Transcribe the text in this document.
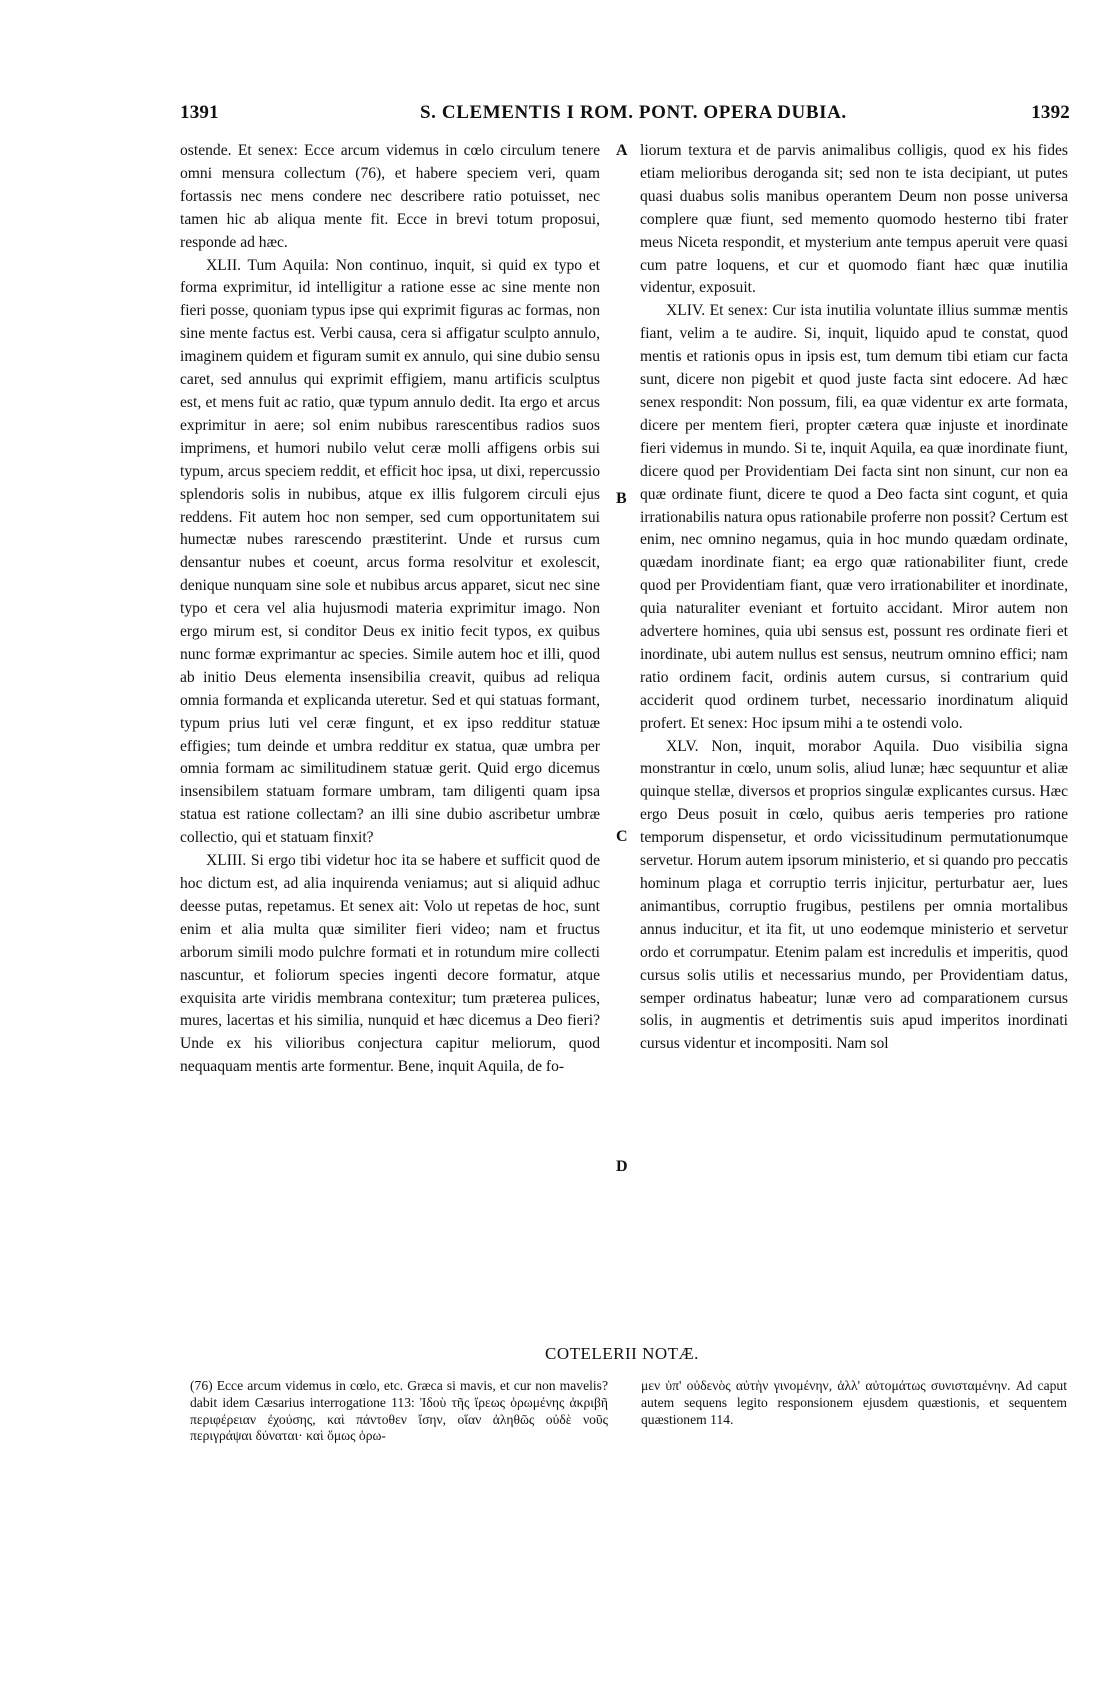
1391	S. CLEMENTIS I ROM. PONT. OPERA DUBIA.	1392

ostende. Et senex: Ecce arcum videmus in cœlo circulum tenere omni mensura collectum (76), et habere speciem veri, quam fortassis nec mens condere nec describere ratio potuisset, nec tamen hic ab aliqua mente fit. Ecce in brevi totum proposui, responde ad hæc.

XLII. Tum Aquila: Non continuo, inquit, si quid ex typo et forma exprimitur, id intelligitur a ratione esse ac sine mente non fieri posse, quoniam typus ipse qui exprimit figuras ac formas, non sine mente factus est. Verbi causa, cera si affigatur sculpto annulo, imaginem quidem et figuram sumit ex annulo, qui sine dubio sensu caret, sed annulus qui exprimit effigiem, manu artificis sculptus est, et mens fuit ac ratio, quæ typum annulo dedit. Ita ergo et arcus exprimitur in aere; sol enim nubibus rarescentibus radios suos imprimens, et humori nubilo velut ceræ molli affigens orbis sui typum, arcus speciem reddit, et efficit hoc ipsa, ut dixi, repercussio splendoris solis in nubibus, atque ex illis fulgorem circuli ejus reddens. Fit autem hoc non semper, sed cum opportunitatem sui humectæ nubes rarescendo præstiterint. Unde et rursus cum densantur nubes et coeunt, arcus forma resolvitur et exolescit, denique nunquam sine sole et nubibus arcus apparet, sicut nec sine typo et cera vel alia hujusmodi materia exprimitur imago. Non ergo mirum est, si conditor Deus ex initio fecit typos, ex quibus nunc formæ exprimantur ac species. Simile autem hoc et illi, quod ab initio Deus elementa insensibilia creavit, quibus ad reliqua omnia formanda et explicanda uteretur. Sed et qui statuas formant, typum prius luti vel ceræ fingunt, et ex ipso redditur statuæ effigies; tum deinde et umbra redditur ex statua, quæ umbra per omnia formam ac similitudinem statuæ gerit. Quid ergo dicemus insensibilem statuam formare umbram, tam diligenti quam ipsa statua est ratione collectam? an illi sine dubio ascribetur umbræ collectio, qui et statuam finxit?

XLIII. Si ergo tibi videtur hoc ita se habere et sufficit quod de hoc dictum est, ad alia inquirenda veniamus; aut si aliquid adhuc deesse putas, repetamus. Et senex ait: Volo ut repetas de hoc, sunt enim et alia multa quæ similiter fieri video; nam et fructus arborum simili modo pulchre formati et in rotundum mire collecti nascuntur, et foliorum species ingenti decore formatur, atque exquisita arte viridis membrana contexitur; tum præterea pulices, mures, lacertas et his similia, nunquid et hæc dicemus a Deo fieri? Unde ex his vilioribus conjectura capitur meliorum, quod nequaquam mentis arte formentur. Bene, inquit Aquila, de fo-

A
B
C
D

liorum textura et de parvis animalibus colligis, quod ex his fides etiam melioribus deroganda sit; sed non te ista decipiant, ut putes quasi duabus solis manibus operantem Deum non posse universa complere quæ fiunt, sed memento quomodo hesterno tibi frater meus Niceta respondit, et mysterium ante tempus aperuit vere quasi cum patre loquens, et cur et quomodo fiant hæc quæ inutilia videntur, exposuit.

XLIV. Et senex: Cur ista inutilia voluntate illius summæ mentis fiant, velim a te audire. Si, inquit, liquido apud te constat, quod mentis et rationis opus in ipsis est, tum demum tibi etiam cur facta sunt, dicere non pigebit et quod juste facta sint edocere. Ad hæc senex respondit: Non possum, fili, ea quæ videntur ex arte formata, dicere per mentem fieri, propter cætera quæ injuste et inordinate fieri videmus in mundo. Si te, inquit Aquila, ea quæ inordinate fiunt, dicere quod per Providentiam Dei facta sint non sinunt, cur non ea quæ ordinate fiunt, dicere te quod a Deo facta sint cogunt, et quia irrationabilis natura opus rationabile proferre non possit? Certum est enim, nec omnino negamus, quia in hoc mundo quædam ordinate, quædam inordinate fiant; ea ergo quæ rationabiliter fiunt, crede quod per Providentiam fiant, quæ vero irrationabiliter et inordinate, quia naturaliter eveniant et fortuito accidant. Miror autem non advertere homines, quia ubi sensus est, possunt res ordinate fieri et inordinate, ubi autem nullus est sensus, neutrum omnino effici; nam ratio ordinem facit, ordinis autem cursus, si contrarium quid acciderit quod ordinem turbet, necessario inordinatum aliquid profert. Et senex: Hoc ipsum mihi a te ostendi volo.

XLV. Non, inquit, morabor Aquila. Duo visibilia signa monstrantur in cœlo, unum solis, aliud lunæ; hæc sequuntur et aliæ quinque stellæ, diversos et proprios singulæ explicantes cursus. Hæc ergo Deus posuit in cœlo, quibus aeris temperies pro ratione temporum dispensetur, et ordo vicissitudinum permutationumque servetur. Horum autem ipsorum ministerio, et si quando pro peccatis hominum plaga et corruptio terris injicitur, perturbatur aer, lues animantibus, corruptio frugibus, pestilens per omnia mortalibus annus inducitur, et ita fit, ut uno eodemque ministerio et servetur ordo et corrumpatur. Etenim palam est incredulis et imperitis, quod cursus solis utilis et necessarius mundo, per Providentiam datus, semper ordinatus habeatur; lunæ vero ad comparationem cursus solis, in augmentis et detrimentis suis apud imperitos inordinati cursus videntur et incompositi. Nam sol

COTELERII NOTÆ.

(76) Ecce arcum videmus in cœlo, etc. Græca si mavis, et cur non mavelis? dabit idem Cæsarius interrogatione 113: Ἰδοὺ τῆς ἴρεως ὁρωμένης ἀκριβῆ περιφέρειαν ἐχούσης, καὶ πάντοθεν ἴσην, οἵαν ἀληθῶς οὐδὲ νοῦς περιγράψαι δύναται· καὶ ὅμως ὁρω-

μεν ὑπ' οὐδενὸς αὐτὴν γινομένην, ἀλλ' αὐτομάτως συνισταμένην. Ad caput autem sequens legito responsionem ejusdem quæstionis, et sequentem quæstionem 114.
